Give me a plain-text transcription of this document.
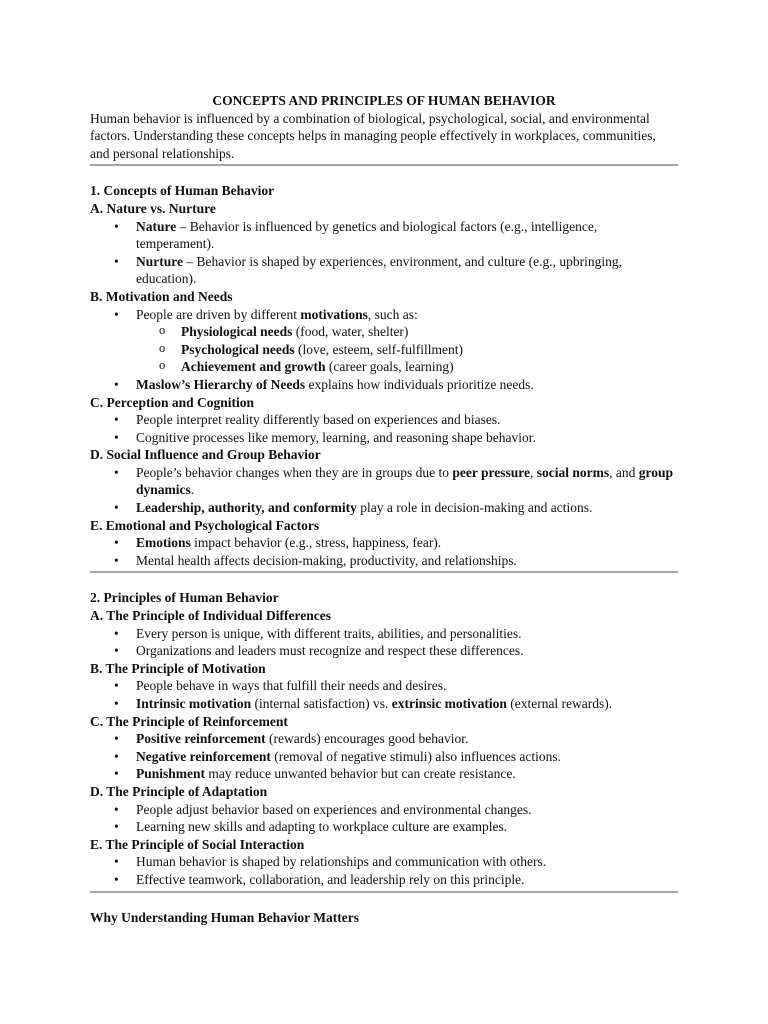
CONCEPTS AND PRINCIPLES OF HUMAN BEHAVIOR

Human behavior is influenced by a combination of biological, psychological, social, and environmental factors. Understanding these concepts helps in managing people effectively in workplaces, communities, and personal relationships.

1. Concepts of Human Behavior

A. Nature vs. Nurture

• Nature – Behavior is influenced by genetics and biological factors (e.g., intelligence, temperament).
• Nurture – Behavior is shaped by experiences, environment, and culture (e.g., upbringing, education).

B. Motivation and Needs

• People are driven by different motivations, such as:
o Physiological needs (food, water, shelter)
o Psychological needs (love, esteem, self-fulfillment)
o Achievement and growth (career goals, learning)
• Maslow’s Hierarchy of Needs explains how individuals prioritize needs.

C. Perception and Cognition

• People interpret reality differently based on experiences and biases.
• Cognitive processes like memory, learning, and reasoning shape behavior.

D. Social Influence and Group Behavior

• People’s behavior changes when they are in groups due to peer pressure, social norms, and group dynamics.
• Leadership, authority, and conformity play a role in decision-making and actions.

E. Emotional and Psychological Factors

• Emotions impact behavior (e.g., stress, happiness, fear).
• Mental health affects decision-making, productivity, and relationships.

2. Principles of Human Behavior

A. The Principle of Individual Differences

• Every person is unique, with different traits, abilities, and personalities.
• Organizations and leaders must recognize and respect these differences.

B. The Principle of Motivation

• People behave in ways that fulfill their needs and desires.
• Intrinsic motivation (internal satisfaction) vs. extrinsic motivation (external rewards).

C. The Principle of Reinforcement

• Positive reinforcement (rewards) encourages good behavior.
• Negative reinforcement (removal of negative stimuli) also influences actions.
• Punishment may reduce unwanted behavior but can create resistance.

D. The Principle of Adaptation

• People adjust behavior based on experiences and environmental changes.
• Learning new skills and adapting to workplace culture are examples.

E. The Principle of Social Interaction

• Human behavior is shaped by relationships and communication with others.
• Effective teamwork, collaboration, and leadership rely on this principle.

Why Understanding Human Behavior Matters
